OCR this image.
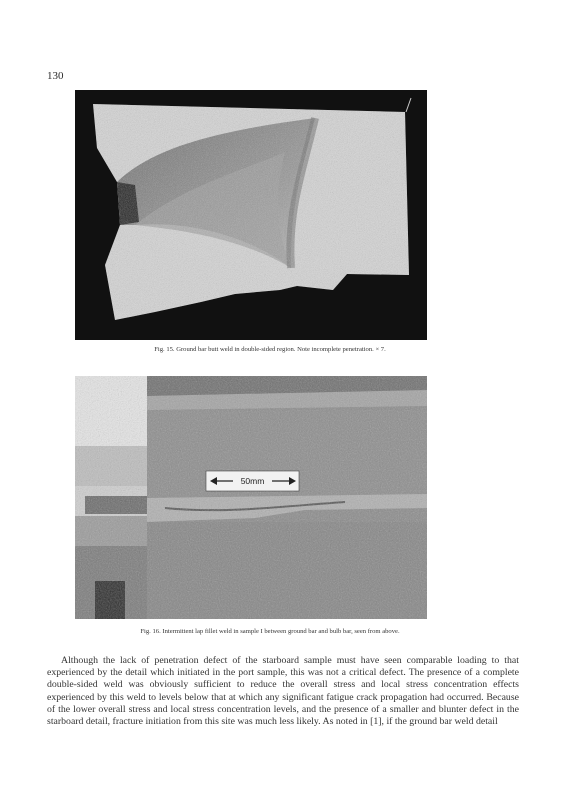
130
Fig. 15. Ground bar butt weld in double-sided region. Note incomplete penetration. × 7.
50mm
Fig. 16. Intermittent lap fillet weld in sample I between ground bar and bulb bar, seen from above.

Although the lack of penetration defect of the starboard sample must have seen comparable loading to that experienced by the detail which initiated in the port sample, this was not a critical defect. The presence of a complete double-sided weld was obviously sufficient to reduce the overall stress and local stress concentration effects experienced by this weld to levels below that at which any significant fatigue crack propagation had occurred. Because of the lower overall stress and local stress concentration levels, and the presence of a smaller and blunter defect in the starboard detail, fracture initiation from this site was much less likely. As noted in [1], if the ground bar weld detail
